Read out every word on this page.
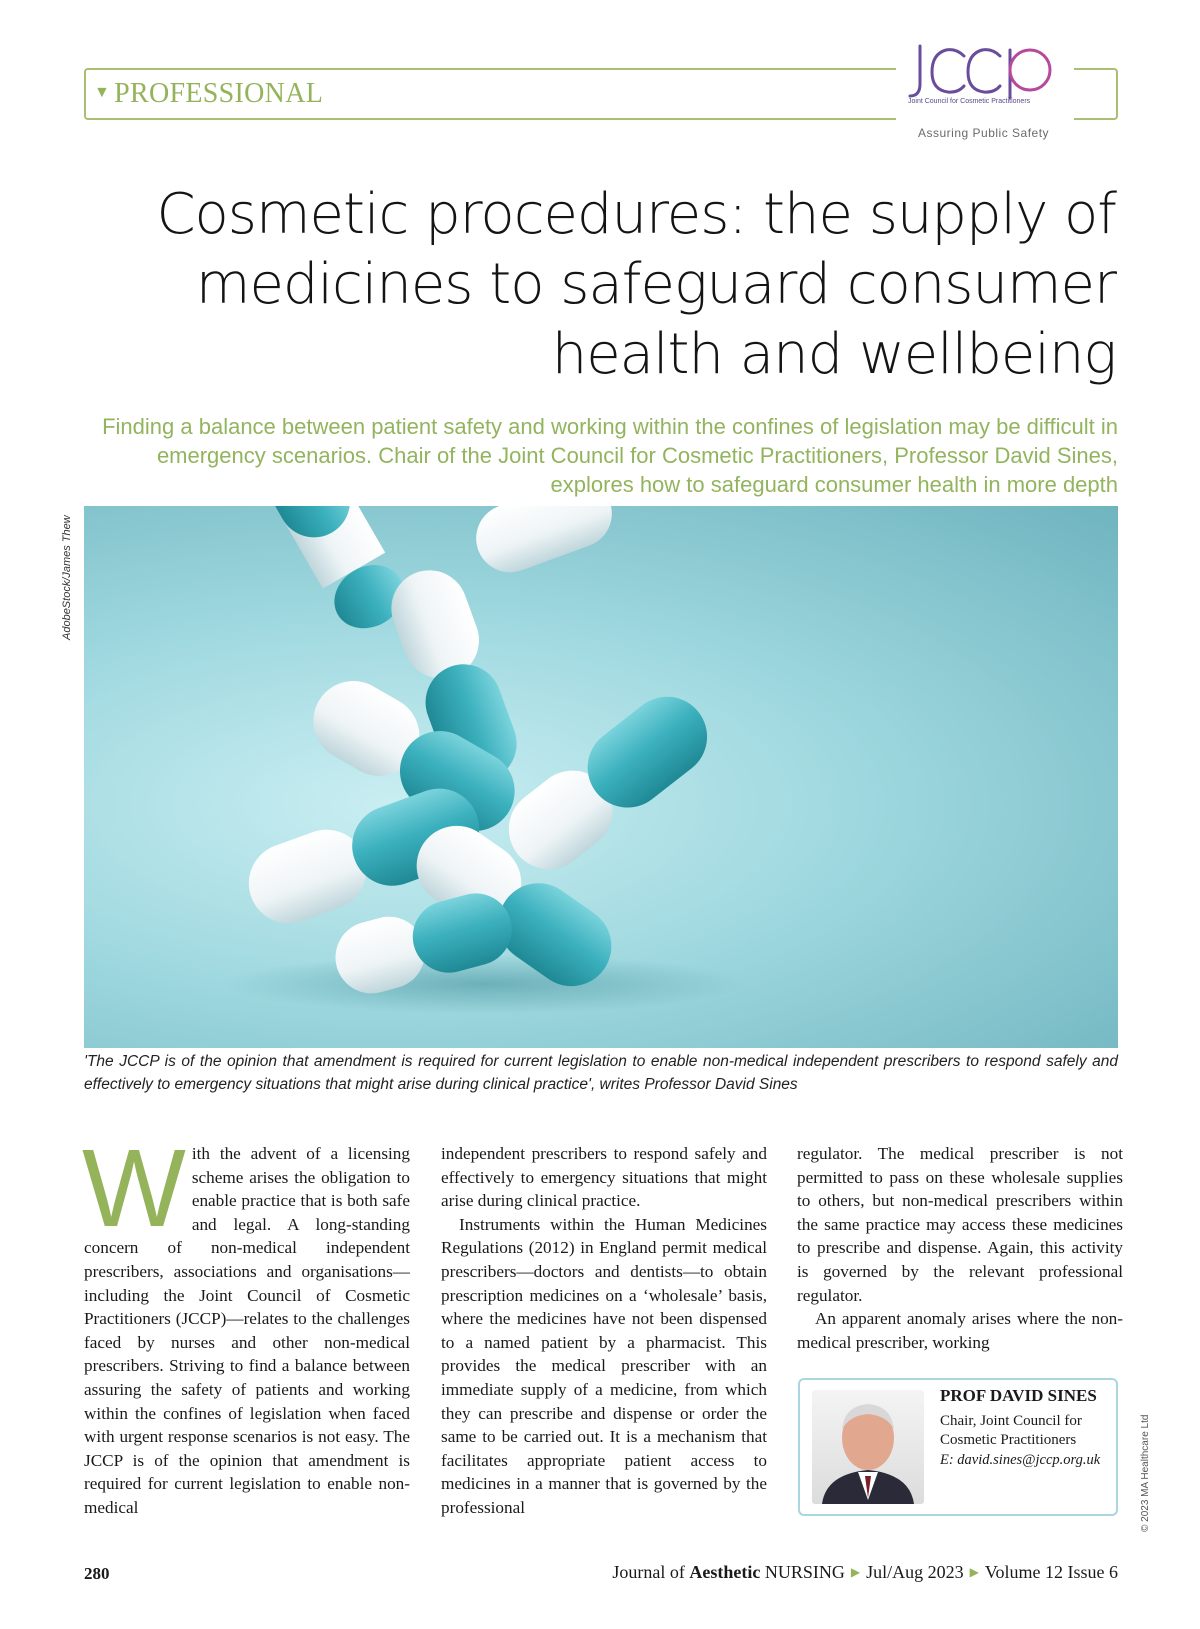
▼ PROFESSIONAL	Joint Council for Cosmetic Practitioners
Assuring Public Safety
Cosmetic procedures: the supply of medicines to safeguard consumer health and wellbeing

Finding a balance between patient safety and working within the confines of legislation may be difficult in emergency scenarios. Chair of the Joint Council for Cosmetic Practitioners, Professor David Sines, explores how to safeguard consumer health in more depth

AdobeStock/James Thew

'The JCCP is of the opinion that amendment is required for current legislation to enable non-medical independent prescribers to respond safely and effectively to emergency situations that might arise during clinical practice', writes Professor David Sines

W ith the advent of a licensing scheme arises the obligation to enable practice that is both safe and legal. A long-standing concern of non-medical independent prescribers, associations and organisations—including the Joint Council of Cosmetic Practitioners (JCCP)—relates to the challenges faced by nurses and other non-medical prescribers. Striving to find a balance between assuring the safety of patients and working within the confines of legislation when faced with urgent response scenarios is not easy. The JCCP is of the opinion that amendment is required for current legislation to enable non-medical

independent prescribers to respond safely and effectively to emergency situations that might arise during clinical practice.

Instruments within the Human Medicines Regulations (2012) in England permit medical prescribers—doctors and dentists—to obtain prescription medicines on a ‘wholesale’ basis, where the medicines have not been dispensed to a named patient by a pharmacist. This provides the medical prescriber with an immediate supply of a medicine, from which they can prescribe and dispense or order the same to be carried out. It is a mechanism that facilitates appropriate patient access to medicines in a manner that is governed by the professional

regulator. The medical prescriber is not permitted to pass on these wholesale supplies to others, but non-medical prescribers within the same practice may access these medicines to prescribe and dispense. Again, this activity is governed by the relevant professional regulator.

An apparent anomaly arises where the non-medical prescriber, working

PROF DAVID SINES
Chair, Joint Council for Cosmetic Practitioners
E: david.sines@jccp.org.uk	© 2023 MA Healthcare Ltd
280	Journal of Aesthetic NURSING ▶ Jul/Aug 2023 ▶ Volume 12 Issue 6
